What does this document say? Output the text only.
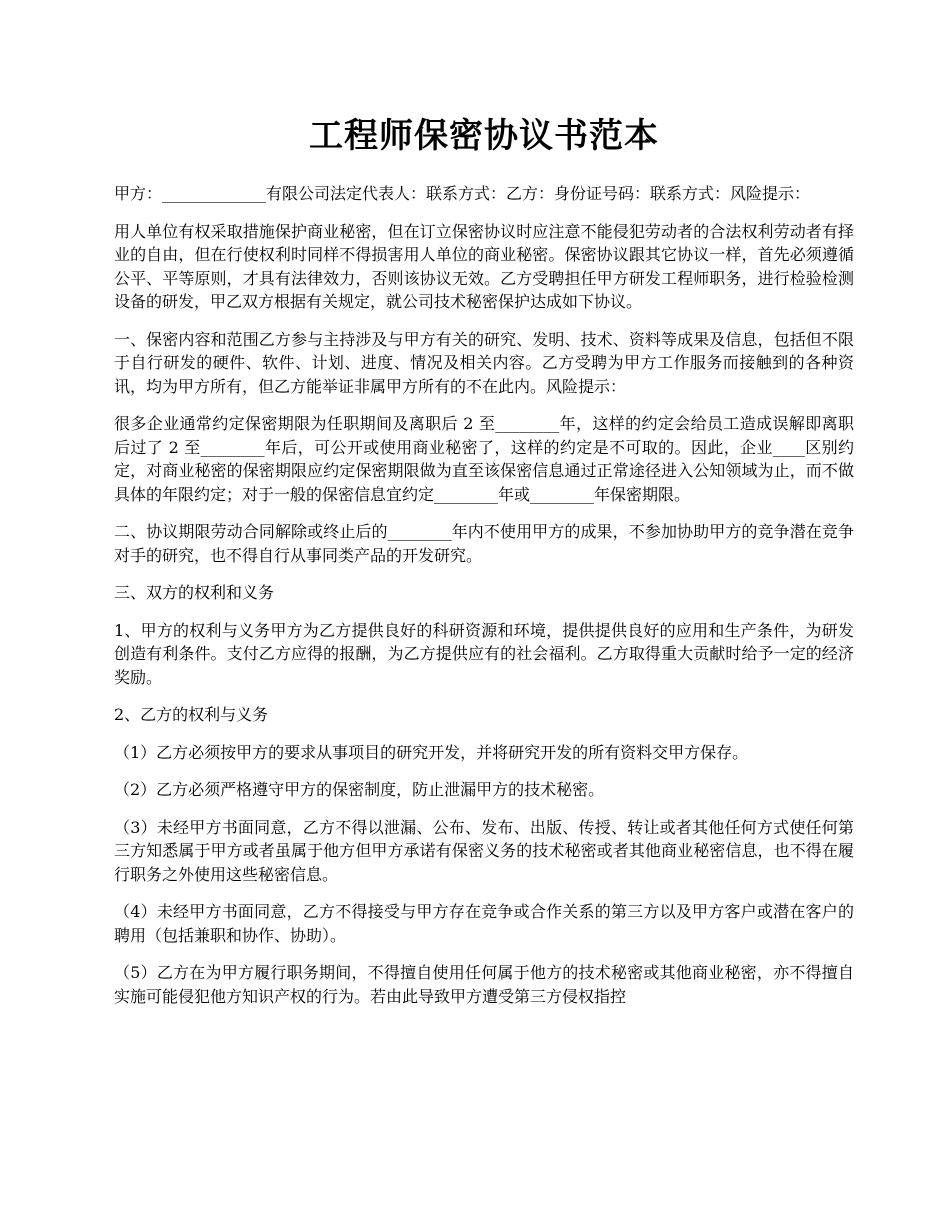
工程师保密协议书范本

甲方：_____________有限公司法定代表人：联系方式：乙方：身份证号码：联系方式：风险提示：

用人单位有权采取措施保护商业秘密，但在订立保密协议时应注意不能侵犯劳动者的合法权利劳动者有择业的自由，但在行使权利时同样不得损害用人单位的商业秘密。保密协议跟其它协议一样，首先必须遵循公平、平等原则，才具有法律效力，否则该协议无效。乙方受聘担任甲方研发工程师职务，进行检验检测设备的研发，甲乙双方根据有关规定，就公司技术秘密保护达成如下协议。

一、保密内容和范围乙方参与主持涉及与甲方有关的研究、发明、技术、资料等成果及信息，包括但不限于自行研发的硬件、软件、计划、进度、情况及相关内容。乙方受聘为甲方工作服务而接触到的各种资讯，均为甲方所有，但乙方能举证非属甲方所有的不在此内。风险提示：

很多企业通常约定保密期限为任职期间及离职后 2 至________年，这样的约定会给员工造成误解即离职后过了 2 至________年后，可公开或使用商业秘密了，这样的约定是不可取的。因此，企业____区别约定，对商业秘密的保密期限应约定保密期限做为直至该保密信息通过正常途径进入公知领域为止，而不做具体的年限约定；对于一般的保密信息宜约定________年或________年保密期限。

二、协议期限劳动合同解除或终止后的________年内不使用甲方的成果，不参加协助甲方的竞争潜在竞争对手的研究，也不得自行从事同类产品的开发研究。

三、双方的权利和义务

1、甲方的权利与义务甲方为乙方提供良好的科研资源和环境，提供提供良好的应用和生产条件，为研发创造有利条件。支付乙方应得的报酬，为乙方提供应有的社会福利。乙方取得重大贡献时给予一定的经济奖励。

2、乙方的权利与义务

（1）乙方必须按甲方的要求从事项目的研究开发，并将研究开发的所有资料交甲方保存。

（2）乙方必须严格遵守甲方的保密制度，防止泄漏甲方的技术秘密。

（3）未经甲方书面同意，乙方不得以泄漏、公布、发布、出版、传授、转让或者其他任何方式使任何第三方知悉属于甲方或者虽属于他方但甲方承诺有保密义务的技术秘密或者其他商业秘密信息，也不得在履行职务之外使用这些秘密信息。

（4）未经甲方书面同意，乙方不得接受与甲方存在竞争或合作关系的第三方以及甲方客户或潜在客户的聘用（包括兼职和协作、协助）。

（5）乙方在为甲方履行职务期间，不得擅自使用任何属于他方的技术秘密或其他商业秘密，亦不得擅自实施可能侵犯他方知识产权的行为。若由此导致甲方遭受第三方侵权指控
